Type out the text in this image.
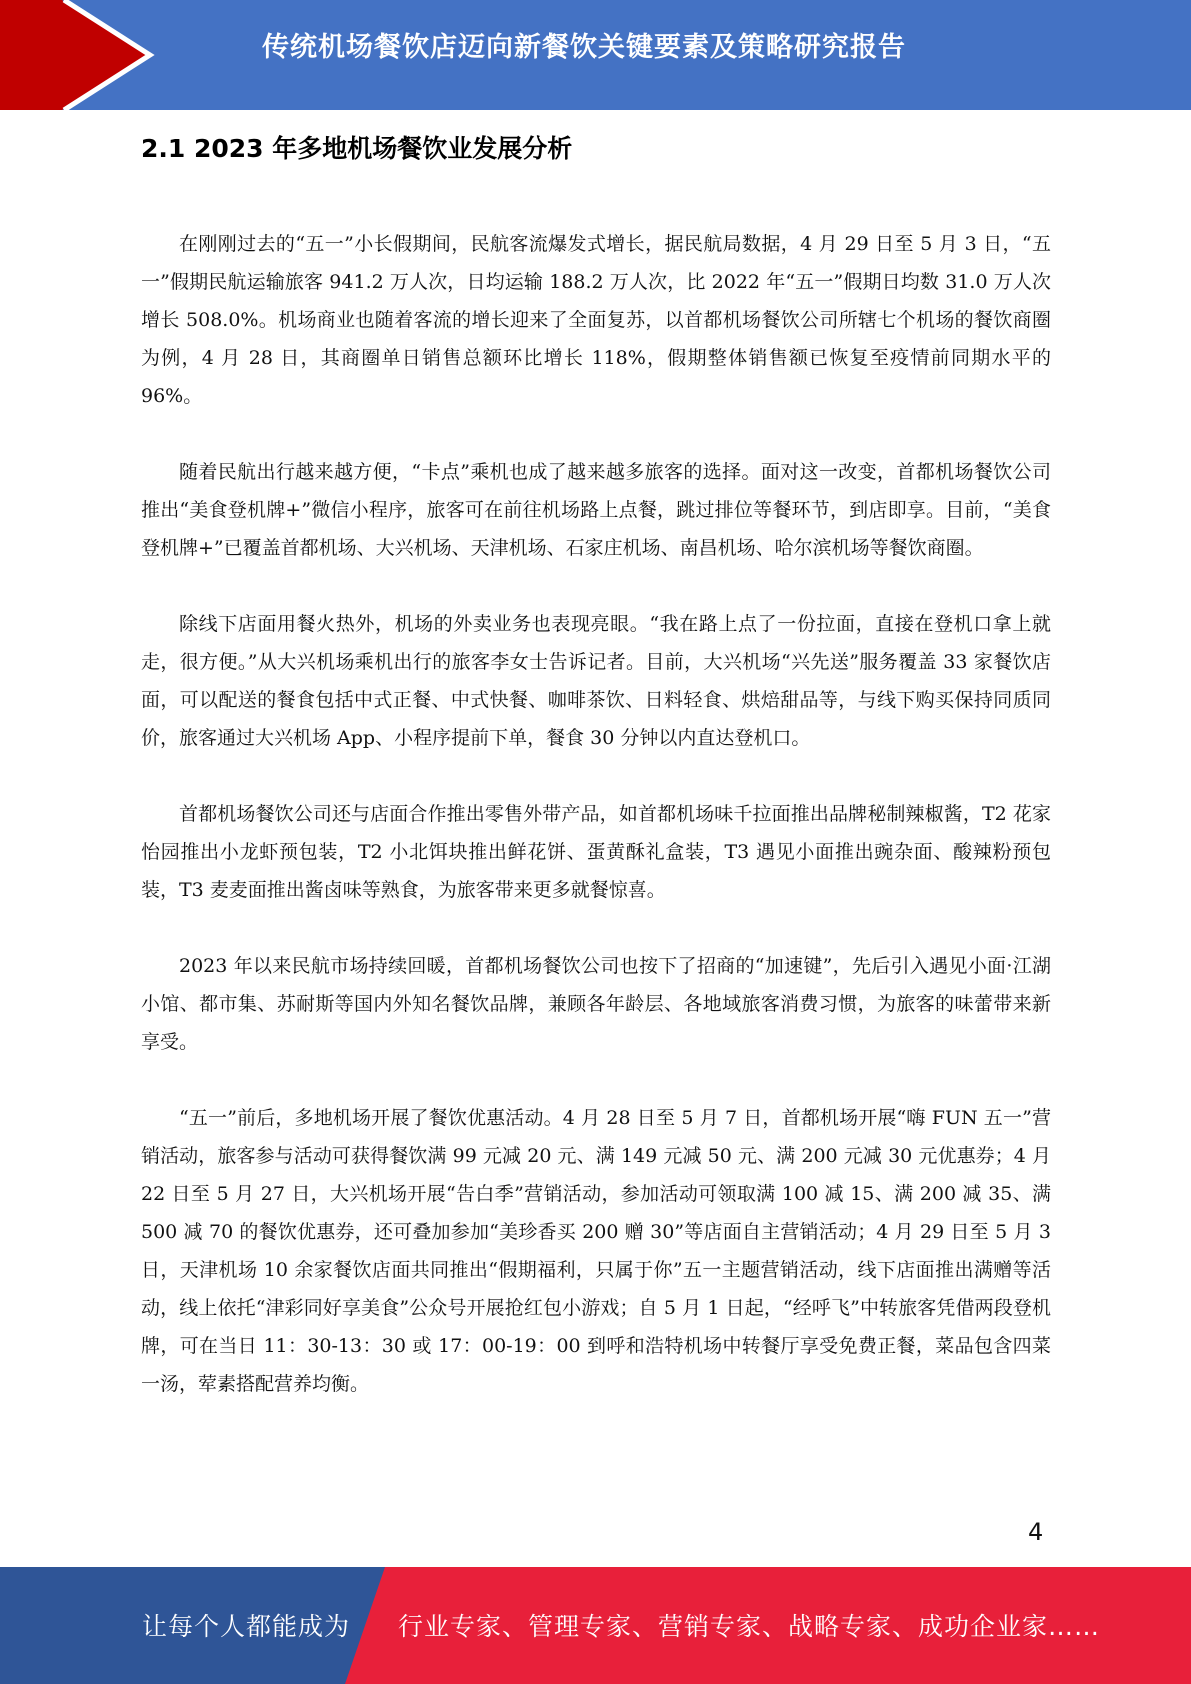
传统机场餐饮店迈向新餐饮关键要素及策略研究报告
2.1 2023 年多地机场餐饮业发展分析

在刚刚过去的“五一”小长假期间，民航客流爆发式增长，据民航局数据，4 月 29 日至 5 月 3 日，“五一”假期民航运输旅客 941.2 万人次，日均运输 188.2 万人次，比 2022 年“五一”假期日均数 31.0 万人次增长 508.0%。机场商业也随着客流的增长迎来了全面复苏，以首都机场餐饮公司所辖七个机场的餐饮商圈为例，4 月 28 日，其商圈单日销售总额环比增长 118%，假期整体销售额已恢复至疫情前同期水平的 96%。

随着民航出行越来越方便，“卡点”乘机也成了越来越多旅客的选择。面对这一改变，首都机场餐饮公司推出“美食登机牌+”微信小程序，旅客可在前往机场路上点餐，跳过排位等餐环节，到店即享。目前，“美食登机牌+”已覆盖首都机场、大兴机场、天津机场、石家庄机场、南昌机场、哈尔滨机场等餐饮商圈。

除线下店面用餐火热外，机场的外卖业务也表现亮眼。“我在路上点了一份拉面，直接在登机口拿上就走，很方便。”从大兴机场乘机出行的旅客李女士告诉记者。目前，大兴机场“兴先送”服务覆盖 33 家餐饮店面，可以配送的餐食包括中式正餐、中式快餐、咖啡茶饮、日料轻食、烘焙甜品等，与线下购买保持同质同价，旅客通过大兴机场 App、小程序提前下单，餐食 30 分钟以内直达登机口。

首都机场餐饮公司还与店面合作推出零售外带产品，如首都机场味千拉面推出品牌秘制辣椒酱，T2 花家怡园推出小龙虾预包装，T2 小北饵块推出鲜花饼、蛋黄酥礼盒装，T3 遇见小面推出豌杂面、酸辣粉预包装，T3 麦麦面推出酱卤味等熟食，为旅客带来更多就餐惊喜。

2023 年以来民航市场持续回暖，首都机场餐饮公司也按下了招商的“加速键”，先后引入遇见小面·江湖小馆、都市集、苏耐斯等国内外知名餐饮品牌，兼顾各年龄层、各地域旅客消费习惯，为旅客的味蕾带来新享受。

“五一”前后，多地机场开展了餐饮优惠活动。4 月 28 日至 5 月 7 日，首都机场开展“嗨 FUN 五一”营销活动，旅客参与活动可获得餐饮满 99 元减 20 元、满 149 元减 50 元、满 200 元减 30 元优惠券；4 月 22 日至 5 月 27 日，大兴机场开展“告白季”营销活动，参加活动可领取满 100 减 15、满 200 减 35、满 500 减 70 的餐饮优惠券，还可叠加参加“美珍香买 200 赠 30”等店面自主营销活动；4 月 29 日至 5 月 3 日，天津机场 10 余家餐饮店面共同推出“假期福利，只属于你”五一主题营销活动，线下店面推出满赠等活动，线上依托“津彩同好享美食”公众号开展抢红包小游戏；自 5 月 1 日起，“经呼飞”中转旅客凭借两段登机牌，可在当日 11：30-13：30 或 17：00-19：00 到呼和浩特机场中转餐厅享受免费正餐，菜品包含四菜一汤，荤素搭配营养均衡。

4
让每个人都能成为 行业专家、管理专家、营销专家、战略专家、成功企业家……
